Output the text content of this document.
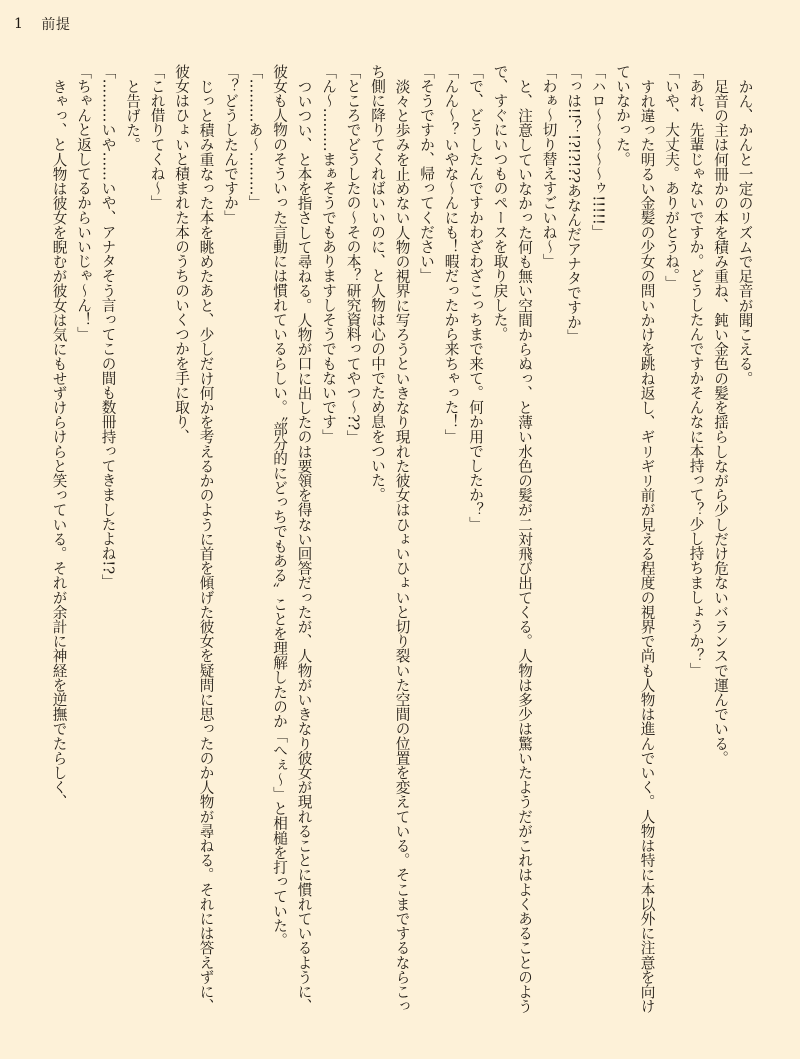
1 前提

かん、かんと一定のリズムで足音が聞こえる。

足音の主は何冊かの本を積み重ね、鈍い金色の髪を揺らしながら少しだけ危ないバランスで運んでいる。

「あれ、先輩じゃないですか。どうしたんですかそんなに本持って？少し持ちましょうか？」

「いや、大丈夫。ありがとうね。」

すれ違った明るい金髪の少女の問いかけを跳ね返し、ギリギリ前が見える程度の視界で尚も人物は進んでいく。人物は特に本以外に注意を向けていなかった。

「ハロ〜〜〜〜〜ゥ!!!!!」

「っは!!？!?!?!??あなんだアナタですか」

「わぁ〜切り替えすごいね〜」

と、注意していなかった何も無い空間からぬっ、と薄い水色の髪が二対飛び出てくる。人物は多少は驚いたようだがこれはよくあることのようで、すぐにいつものペースを取り戻した。

「で、どうしたんですかわざわざこっちまで来て。何か用でしたか？」

「んん〜？いやな〜んにも！暇だったから来ちゃった！」

「そうですか、帰ってください」

淡々と歩みを止めない人物の視界に写ろうといきなり現れた彼女はひょいひょいと切り裂いた空間の位置を変えている。そこまでするならこっち側に降りてくればいいのに、と人物は心の中でため息をついた。

「ところでどうしたの〜その本？研究資料ってやつ〜??」

「ん〜………まぁそうでもありますしそうでもないです」

ついつい、と本を指さして尋ねる。人物が口に出したのは要領を得ない回答だったが、人物がいきなり彼女が現れることに慣れているように、彼女も人物のそういった言動には慣れているらしい。〝部分的にどっちでもある〟ことを理解したのか「へぇ〜」と相槌を打っていた。

「………あ〜………」

「？どうしたんですか」

じっと積み重なった本を眺めたあと、少しだけ何かを考えるかのように首を傾げた彼女を疑問に思ったのか人物が尋ねる。それには答えずに、彼女はひょいと積まれた本のうちのいくつかを手に取り、

「これ借りてくね〜」

と告げた。

「………いや……いや、アナタそう言ってこの間も数冊持ってきましたよね!?」

「ちゃんと返してるからいいじゃ〜ん！」

きゃっ、と人物は彼女を睨むが彼女は気にもせずけらけらと笑っている。それが余計に神経を逆撫でたらしく、
